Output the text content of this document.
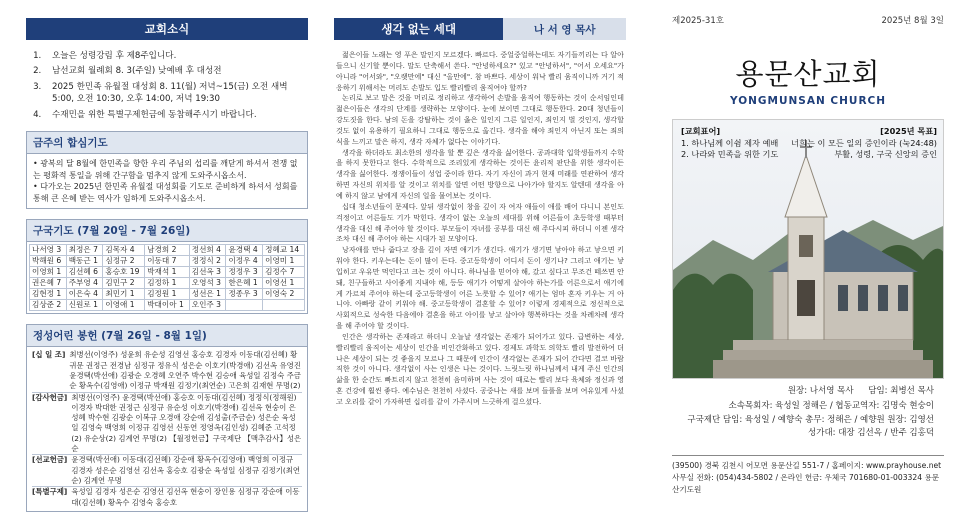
교회소식
1. 오늘은 성령강림 후 제8주입니다.
2. 남선교회 월례회 8. 3(주일) 낮예배 후 대성전
3. 2025 한민족 유월절 대성회 8. 11(월) 저녁~15(금) 오전 새벽 5:00, 오전 10:30, 오후 14:00, 저녁 19:30
4. 수재민을 위한 특별구제헌금에 동참해주시기 바랍니다.
금주의 합심기도
• 광복의 달 8월에 한민족을 향한 우리 주님의 섭리를 깨닫게 하셔서 전쟁 없는 평화적 통일을 위해 간구함을 멈추지 않게 도와주시옵소서.
• 다가오는 2025년 한민족 유월절 대성회를 기도로 준비하게 하셔서 성회를 통해 큰 은혜 받는 역사가 임하게 도와주시옵소서.
구국기도 (7월 20일 - 7월 26일)
나서영 3	최정은 7	김목자 4	남경희 2	정선희 4	윤경택 4	정혜교 14
박해원 6	백동근 1	심정규 2	이동대 7	정정식 2	이정우 4	이영미 1
이영희 1	김선혜 6	홍승호 19	박재석 1	김선옥 3	정정우 3	김정수 7
권은혜 7	주부영 4	김민구 2	김정하 1	오영석 3	한은혜 1	이영선 1
김현정 1	이은숙 4	최민기 1	김정원 1	성선은 1	정종우 3	이영숙 2
김상준 2	신원로 1	이영애 1	박대이아 1	오인주 3		
정성어린 봉헌 (7월 26일 - 8월 1일)
[십 일 조] 최병선(이영주) 성윤희 유순성 김영선 홍승호 김경자 이동대(김선혜) 황귀문 권정근 전경남 심정규 정유식 성은순 이호기(박경애) 김선옥 유영진 윤경택(박선애) 김광순 오경혜 오연주 박수현 김승애 육성일 김정숙 주금순 황옥수(김영애) 이정규 박재원 김정기(최연순) 고은희 김재현 무명(2)
[감사헌금] 최병선(이영주) 윤경택(박선애) 홍승호 이동대(김선혜) 정정식(정해원) 이경자 박대한 권정근 심정규 유순성 이호기(박경애) 김선옥 현숭이 은성혜 박수현 김광순 이복규 오경애 강순애 김성출(주금순) 성은순 육성일 김영숙 백영희 이정규 김영선 신동연 정영옥(김인성) 김혜준 고석정(2) 유순상(2) 김계연 무명(2) 【월정헌금】구국제단 【맥추감사】성은순
[선교헌금] 윤경택(박선애) 이동대(김선혜) 강순애 황옥수(김영애) 백영희 이정규 김경자 성은순 김영선 김선옥 홍승호 김광순 육성일 심정규 김정기(최연순) 김계연 무명
[특별구제] 육성일 김경자 성은순 김영선 김선옥 현숭이 장인용 심정규 강순애 이동대(김선혜) 황옥수 김영숙 홍승호
생각 없는 세대	나 서 영 목사

젊은이들 노래는 영 푸은 말인지 모르겠다. 빠르다. 중얼중얼하는데도 자기들끼리는 다 알아들으니 신기할 뿐이다. 말도 단축해서 쓴다. "안녕하세요?" 있고 "안녕하셔", "어서 오세요"가 아니라 "어서와", "오랫만에" 대신 "올만에". 참 바쁘다. 세상이 워낙 빨리 움직이니까 거기 적응하기 위해서는 머리도 손발도 입도 빨리빨리 움직여야 할까?

논리로 보고 말은 것을 머리로 정리하고 생각하여 손발을 움직여 행동하는 것이 순서임인데 젊은이들은 생각의 단계를 생략하는 모양이다. 눈에 보이면 그대로 행동한다. 20대 청년들이 강도짓을 한다. 남의 돈을 강탈하는 것이 옳은 일인지 그른 일인지, 죄인지 벌 것인지, 생각할 것도 없이 유용하기 필요하니 그대로 행동으로 옮긴다. 생각을 해야 죄인지 아닌지 또는 죄의식을 느끼고 말은 하지, 생각 자체가 없다는 이야기다.

생각을 하더라도 최소한의 생각을 할 뿐 깊은 생각을 싫어한다. 공과대학 입학생들까지 수학을 하지 못한다고 한다. 수학적으로 조리있게 생각하는 것이든 윤리적 판단을 위한 생각이든 생각을 싫어한다. 정쟁이들이 성업 중이라 한다. 자기 자신이 과거 현재 미래를 연관하여 생각하면 자신의 위치를 알 것이고 위치를 알면 어떤 방향으로 나아가야 할지도 알텐데 생각을 아예 하지 않고 남에게 자신의 일을 물어보는 것이다.

십대 청소년들이 문제다. 앞뒤 생각없이 창을 깊이 자 여자 애들이 애를 배어 다니니 본인도 걱정이고 어른들도 기가 막힌다. 생각이 없는 오늘의 세대를 위해 어른들이 초등학생 때부터 생각을 대신 해 주어야 할 것이다. 부모들이 자녀를 공부를 대신 해 주다시피 하더니 이젠 생각조차 대신 해 주어야 하는 시대가 된 모양이다.

낭자애를 만나 줍다고 장을 깊이 자면 애기가 생긴다. 애기가 생기면 낳아야 하고 낳으면 키워야 한다. 키우는데는 돈이 많이 든다. 중고등학생이 어디서 돈이 생기나? 그리고 애기는 낳 입히고 우유만 먹인다고 크는 것이 아니다. 하나님을 믿어야 해, 갔고 싶다고 무조건 떼쓰면 안돼, 친구들하고 사이좋게 지내야 해, 등등 애기가 어떻게 살아야 하는가를 어른으로서 애기에게 가르쳐 주어야 하는데 중고등학생이 어른 노릇할 수 있어? 애기는 엄마 혼자 키우는 거 아니야. 아빠랑 같이 키워야 해. 중고등학생이 결혼할 수 있어? 이렇게 경제적으로 정신적으로 사회적으로 성숙한 다음에야 결혼을 하고 아이를 낳고 살아야 행복하다는 것을 차례차례 생각을 해 주어야 할 것이다.

인간은 생각하는 존재라고 하더니 오늘날 생각없는 존재가 되어가고 있다. 급변하는 세상, 빨리빨리 움직이는 세상이 인간을 비인간화하고 있다. 경제도 과학도 의학도 빨리 발전하여 더 나은 세상이 되는 것 좋을지 모르나 그 때문에 인간이 생각없는 존재가 되어 간다면 결코 바람직한 것이 아니다. 생각없이 사는 인생은 나는 것이다. 느릿느릿 하나님께서 내게 주신 인간의 삶을 한 순간도 빠트리지 않고 천천히 음미하며 사는 것이 때로는 빨리 보다 육체와 정신과 영혼 건강에 훨씬 좋다. 예수님은 천천히 사셨다. 공중나는 새를 보며 들풀을 보며 여유있게 사셨고 오리를 같이 가자하면 십리를 같이 가주시며 느긋하게 걸으셨다.

제2025-31호	2025년 8월 3일
용문산교회
YONGMUNSAN CHURCH
[교회표어]
1. 하나님께 이쉼 제자 예배
2. 나라와 민족을 위한 기도
[2025년 목표]
너희는 이 모든 일의 증인이라 (눅24:48)
부활, 성령, 구국 신앙의 증인
원장: 나서영 목사 담임: 최병선 목사
소속목회자: 육성일 정해은 / 협동교역자: 김명숙 현숭이
구국제단 담임: 육성일 / 예향숙 총무: 정해은 / 예향원 원장: 김영선
성가대: 대장 김선옥 / 반주 김홍덕
(39500) 경북 김천시 어모면 용문산길 551-7 / 홈페이지: www.prayhouse.net
사무실 전화: (054)434-5802 / 온라인 헌금: 우체국 701680-01-003324 용문산기도원
